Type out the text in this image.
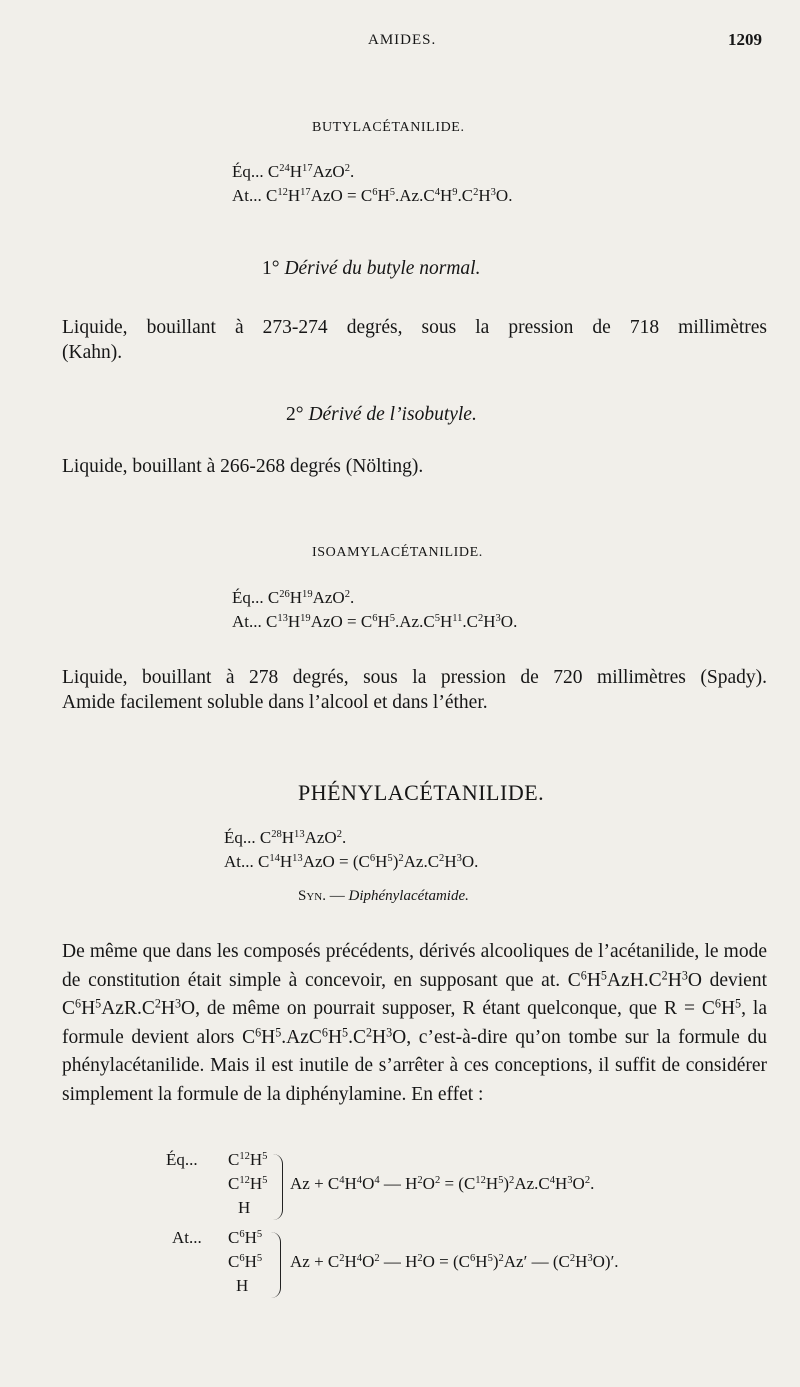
AMIDES.	1209
BUTYLACÉTANILIDE.
Éq... $C^{24}H^{17}AzO^2$.
At... $C^{12}H^{17}AzO = C^6H^5.Az.C^4H^9.C^2H^3O$.
1° Dérivé du butyle normal.
Liquide, bouillant à 273-274 degrés, sous la pression de 718 millimètres
(Kahn).
2° Dérivé de l’isobutyle.
Liquide, bouillant à 266-268 degrés (Nölting).
ISOAMYLACÉTANILIDE.
Éq... $C^{26}H^{19}AzO^2$.
At... $C^{13}H^{19}AzO = C^6H^5.Az.C^5H^{11}.C^2H^3O$.
Liquide, bouillant à 278 degrés, sous la pression de 720 millimètres (Spady).
Amide facilement soluble dans l’alcool et dans l’éther.
PHÉNYLACÉTANILIDE.
Éq... $C^{28}H^{13}AzO^2$.
At... $C^{14}H^{13}AzO = (C^6H^5)^2Az.C^2H^3O$.
Syn. — Diphénylacétamide.
De même que dans les composés précédents, dérivés alcooliques de l’acétanilide, le mode de constitution était simple à concevoir, en supposant que at. $C^6H^5AzH.C^2H^3O$ devient $C^6H^5AzR.C^2H^3O$, de même on pourrait supposer, R étant quelconque, que $R = C^6H^5$, la formule devient alors $C^6H^5.AzC^6H^5.C^2H^3O$, c’est-à-dire qu’on tombe sur la formule du phénylacétanilide. Mais il est inutile de s’arrêter à ces conceptions, il suffit de considérer simplement la formule de la diphénylamine. En effet :
Éq... $C^{12}H^5$
$C^{12}H^5$
H
$Az + C^4H^4O^4$ — $H^2O^2 = (C^{12}H^5)^2Az.C^4H^3O^2$.
At... $C^6H^5$
$C^6H^5$
H
$Az + C^2H^4O^2$ — $H^2O = (C^6H^5)^2Az'$ — $(C^2H^3O)'$.
